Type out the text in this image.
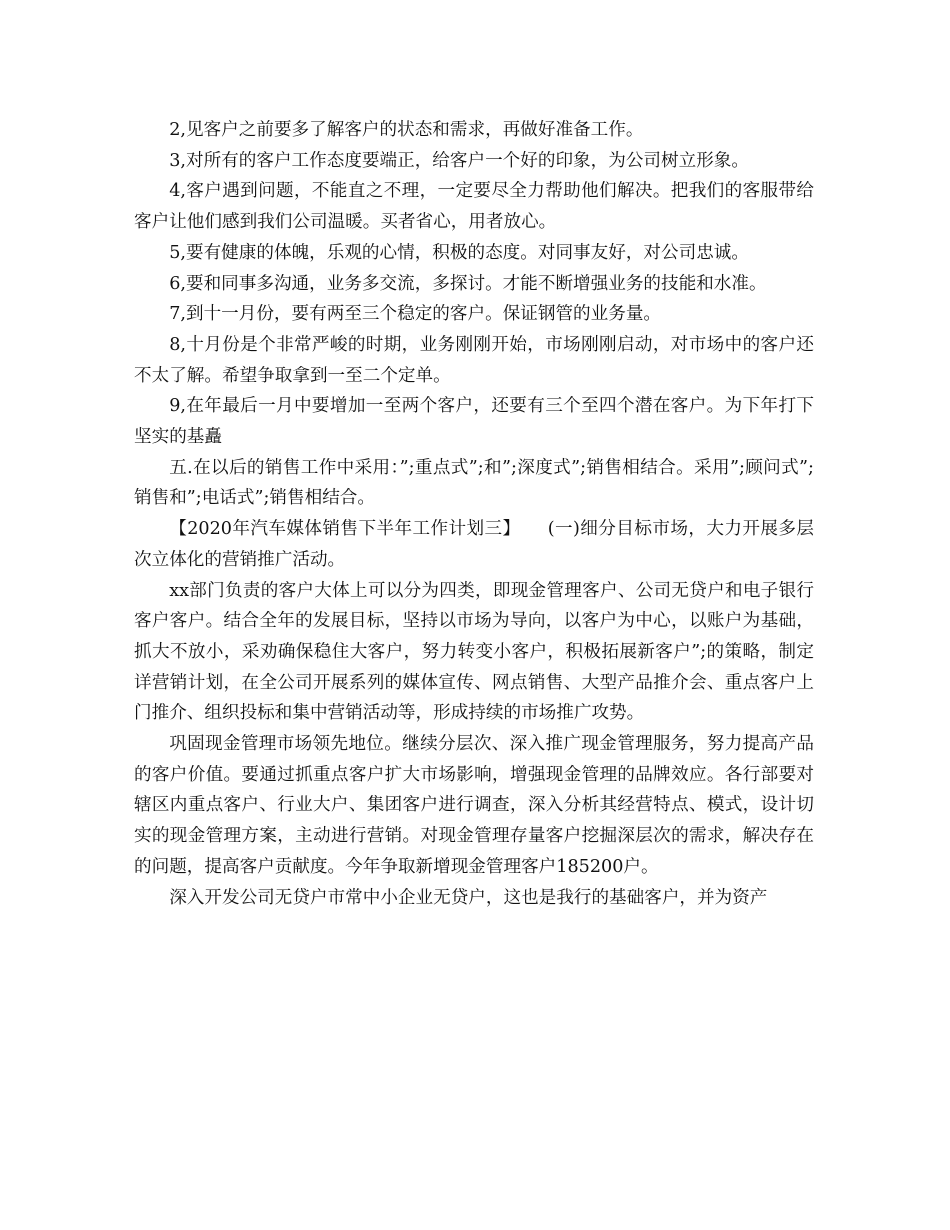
2,见客户之前要多了解客户的状态和需求，再做好准备工作。

3,对所有的客户工作态度要端正，给客户一个好的印象，为公司树立形象。

4,客户遇到问题，不能直之不理，一定要尽全力帮助他们解决。把我们的客服带给客户让他们感到我们公司温暖。买者省心，用者放心。

5,要有健康的体魄，乐观的心情，积极的态度。对同事友好，对公司忠诚。

6,要和同事多沟通，业务多交流，多探讨。才能不断增强业务的技能和水准。

7,到十一月份，要有两至三个稳定的客户。保证钢管的业务量。

8,十月份是个非常严峻的时期，业务刚刚开始，市场刚刚启动，对市场中的客户还不太了解。希望争取拿到一至二个定单。

9,在年最后一月中要增加一至两个客户，还要有三个至四个潜在客户。为下年打下坚实的基矗

五.在以后的销售工作中采用：”;重点式”;和”;深度式”;销售相结合。采用”;顾问式”;销售和”;电话式”;销售相结合。

【2020年汽车媒体销售下半年工作计划三】　　(一)细分目标市场，大力开展多层次立体化的营销推广活动。

xx部门负责的客户大体上可以分为四类，即现金管理客户、公司无贷户和电子银行客户客户。结合全年的发展目标，坚持以市场为导向，以客户为中心，以账户为基础，抓大不放小，采劝确保稳住大客户，努力转变小客户，积极拓展新客户”;的策略，制定详营销计划，在全公司开展系列的媒体宣传、网点销售、大型产品推介会、重点客户上门推介、组织投标和集中营销活动等，形成持续的市场推广攻势。

巩固现金管理市场领先地位。继续分层次、深入推广现金管理服务，努力提高产品的客户价值。要通过抓重点客户扩大市场影响，增强现金管理的品牌效应。各行部要对辖区内重点客户、行业大户、集团客户进行调查，深入分析其经营特点、模式，设计切实的现金管理方案，主动进行营销。对现金管理存量客户挖掘深层次的需求，解决存在的问题，提高客户贡献度。今年争取新增现金管理客户185200户。

深入开发公司无贷户市常中小企业无贷户，这也是我行的基础客户，并为资产
